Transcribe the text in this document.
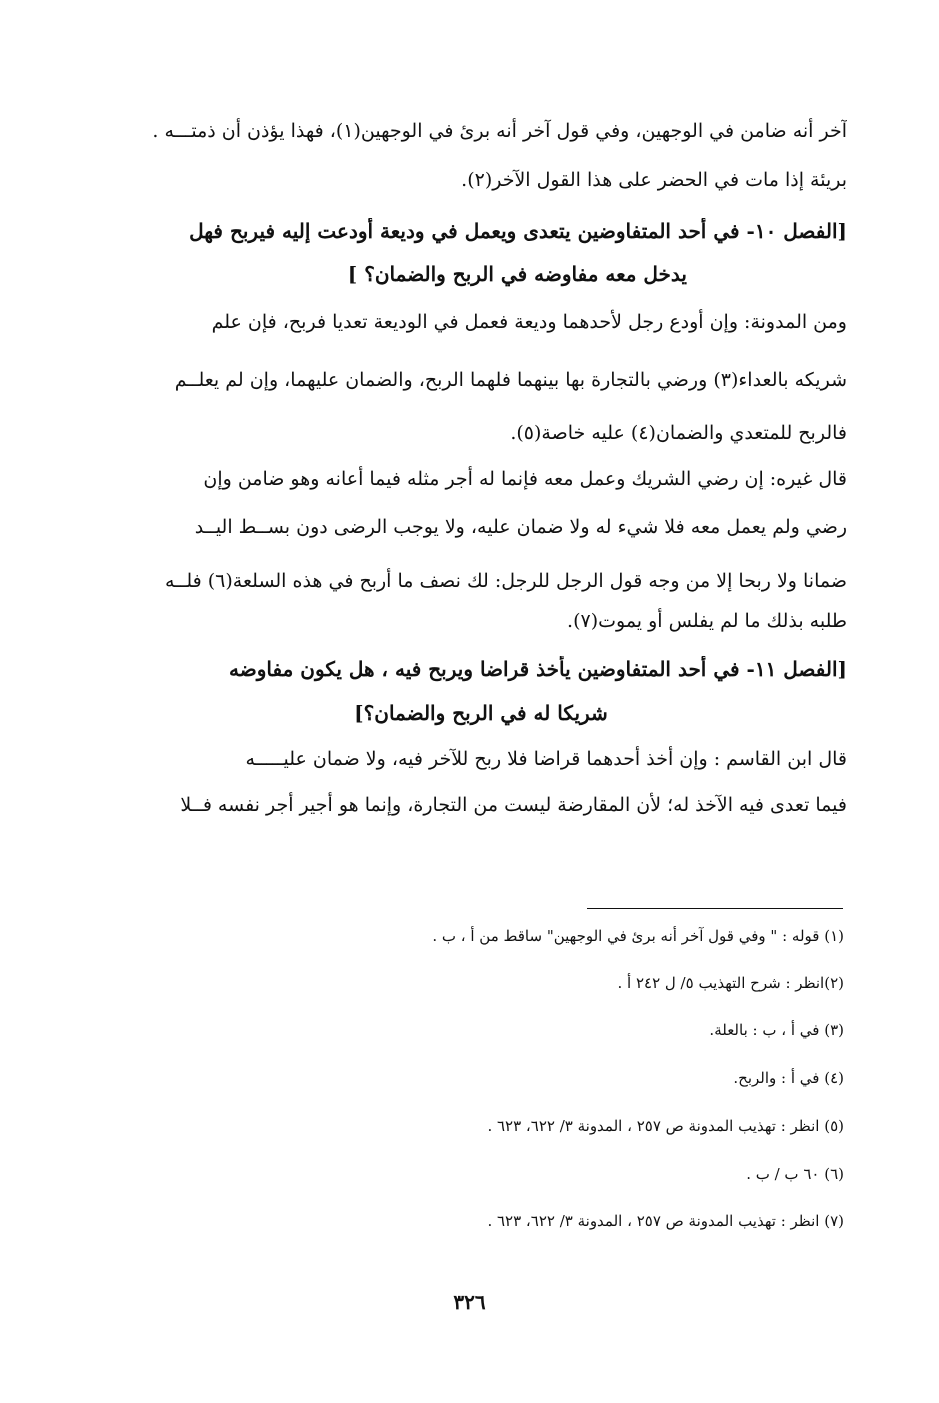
آخر أنه ضامن في الوجهين، وفي قول آخر أنه برئ في الوجهين(١)، فهذا يؤذن أن ذمتـــه .
بريئة إذا مات في الحضر على هذا القول الآخر(٢).
[الفصل ١٠- في أحد المتفاوضين يتعدى ويعمل في وديعة أودعت إليه فيربح فهل
يدخل معه مفاوضه في الربح والضمان؟ ]
ومن المدونة: وإن أودع رجل لأحدهما وديعة فعمل في الوديعة تعديا فربح، فإن علم
شريكه بالعداء(٣) ورضي بالتجارة بها بينهما فلهما الربح، والضمان عليهما، وإن لم يعلــم
فالربح للمتعدي والضمان(٤) عليه خاصة(٥).
قال غيره: إن رضي الشريك وعمل معه فإنما له أجر مثله فيما أعانه وهو ضامن وإن
رضي ولم يعمل معه فلا شيء له ولا ضمان عليه، ولا يوجب الرضى دون بســط اليــد
ضمانا ولا ربحا إلا من وجه قول الرجل للرجل: لك نصف ما أربح في هذه السلعة(٦) فلــه
طلبه بذلك ما لم يفلس أو يموت(٧).
[الفصل ١١- في أحد المتفاوضين يأخذ قراضا ويربح فيه ، هل يكون مفاوضه
شريكا له في الربح والضمان؟]
قال ابن القاسم : وإن أخذ أحدهما قراضا فلا ربح للآخر فيه، ولا ضمان عليـــــه
فيما تعدى فيه الآخذ له؛ لأن المقارضة ليست من التجارة، وإنما هو أجير أجر نفسه فــلا
(١) قوله : " وفي قول آخر أنه برئ في الوجهين" ساقط من أ ، ب .
(٢)انظر : شرح التهذيب ٥/ ل ٢٤٢ أ .
(٣) في أ ، ب : بالعلة.
(٤) في أ : والربح.
(٥) انظر : تهذيب المدونة ص ٢٥٧ ، المدونة ٣/ ٦٢٢، ٦٢٣ .
(٦) ٦٠ ب / ب .
(٧) انظر : تهذيب المدونة ص ٢٥٧ ، المدونة ٣/ ٦٢٢، ٦٢٣ .
٣٢٦
